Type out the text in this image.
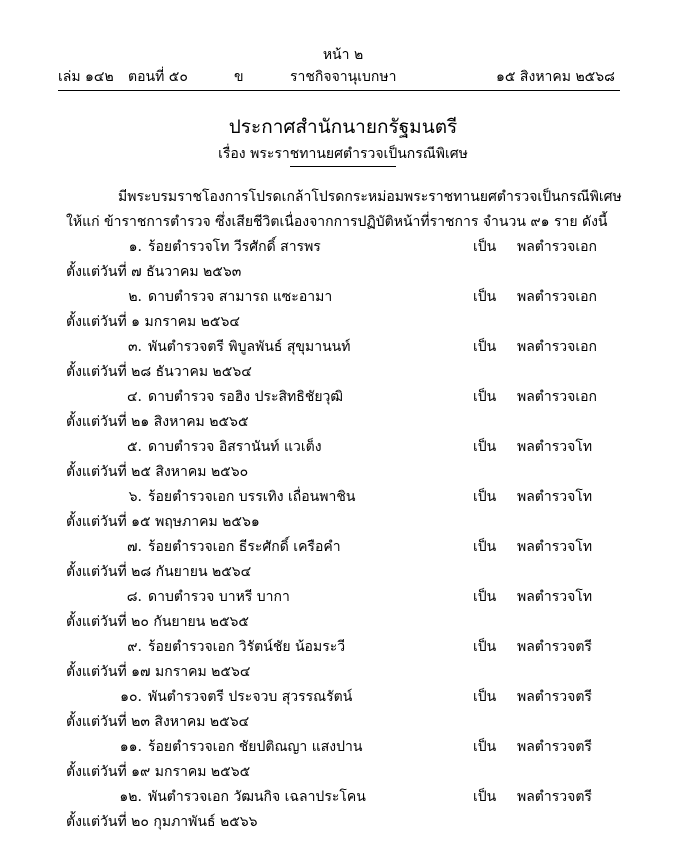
หน้า ๒
เล่ม ๑๔๒ ตอนที่ ๕๐	ข	ราชกิจจานุเบกษา	๑๕ สิงหาคม ๒๕๖๘
ประกาศสำนักนายกรัฐมนตรี
เรื่อง พระราชทานยศตำรวจเป็นกรณีพิเศษ
มีพระบรมราชโองการโปรดเกล้าโปรดกระหม่อมพระราชทานยศตำรวจเป็นกรณีพิเศษ
ให้แก่ ข้าราชการตำรวจ ซึ่งเสียชีวิตเนื่องจากการปฏิบัติหน้าที่ราชการ จำนวน ๙๑ ราย ดังนี้
๑. ร้อยตำรวจโท วีรศักดิ์ สารพร	เป็น พลตำรวจเอก
ตั้งแต่วันที่ ๗ ธันวาคม ๒๕๖๓
๒. ดาบตำรวจ สามารถ แซะอามา	เป็น พลตำรวจเอก
ตั้งแต่วันที่ ๑ มกราคม ๒๕๖๔
๓. พันตำรวจตรี พิบูลพันธ์ สุขุมานนท์	เป็น พลตำรวจเอก
ตั้งแต่วันที่ ๒๘ ธันวาคม ๒๕๖๔
๔. ดาบตำรวจ รอฮิง ประสิทธิชัยวุฒิ	เป็น พลตำรวจเอก
ตั้งแต่วันที่ ๒๑ สิงหาคม ๒๕๖๕
๕. ดาบตำรวจ อิสรานันท์ แวเต็ง	เป็น พลตำรวจโท
ตั้งแต่วันที่ ๒๕ สิงหาคม ๒๕๖๐
๖. ร้อยตำรวจเอก บรรเทิง เถื่อนพาชิน	เป็น พลตำรวจโท
ตั้งแต่วันที่ ๑๕ พฤษภาคม ๒๕๖๑
๗. ร้อยตำรวจเอก ธีระศักดิ์ เครือคำ	เป็น พลตำรวจโท
ตั้งแต่วันที่ ๒๘ กันยายน ๒๕๖๔
๘. ดาบตำรวจ บาหรี บากา	เป็น พลตำรวจโท
ตั้งแต่วันที่ ๒๐ กันยายน ๒๕๖๕
๙. ร้อยตำรวจเอก วิรัตน์ชัย น้อมระวี	เป็น พลตำรวจตรี
ตั้งแต่วันที่ ๑๗ มกราคม ๒๕๖๔
๑๐. พันตำรวจตรี ประจวบ สุวรรณรัตน์	เป็น พลตำรวจตรี
ตั้งแต่วันที่ ๒๓ สิงหาคม ๒๕๖๔
๑๑. ร้อยตำรวจเอก ชัยปติณญา แสงปาน	เป็น พลตำรวจตรี
ตั้งแต่วันที่ ๑๙ มกราคม ๒๕๖๕
๑๒. พันตำรวจเอก วัฒนกิจ เฉลาประโคน	เป็น พลตำรวจตรี
ตั้งแต่วันที่ ๒๐ กุมภาพันธ์ ๒๕๖๖
